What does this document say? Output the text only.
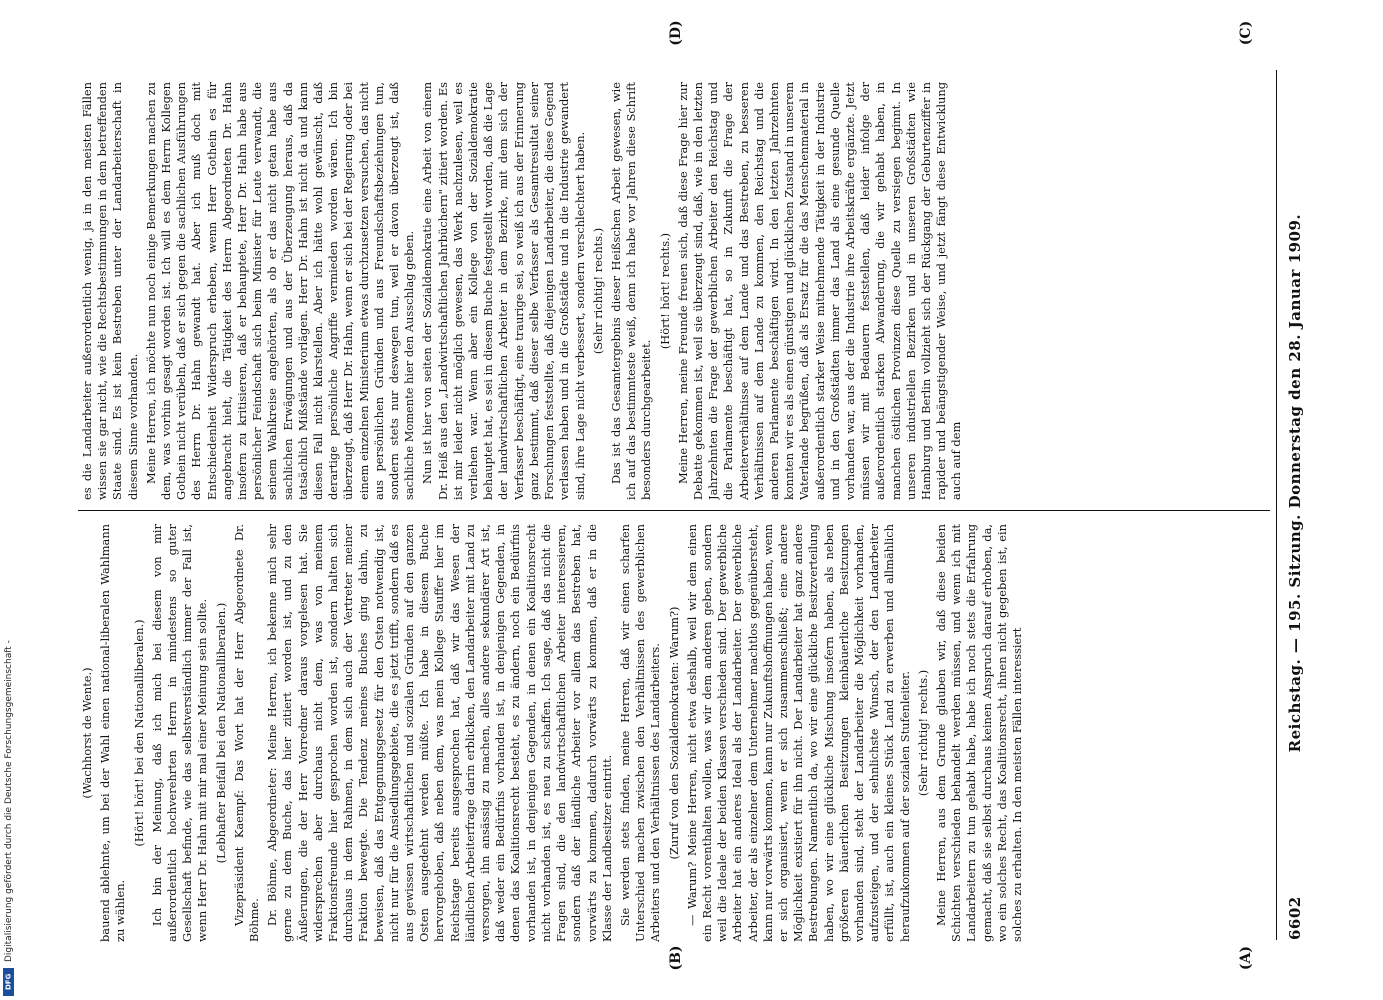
DFG
Digitalisierung gefördert durch die Deutsche Forschungsgemeinschaft -	6602
Reichstag. — 195. Sitzung. Donnerstag den 28. Januar 1909.
(A)
(B)
(C)
(D)

(Wachhorst de Wente.) bauend ablehnte, um bei der Wahl einen national-liberalen Wahlmann zu wählen.

(Hört! hört! bei den Nationalliberalen.) Ich bin der Meinung, daß ich mich bei diesem von mir außerordentlich hochverehrten Herrn in mindestens so guter Gesellschaft befinde, wie das selbstverständlich immer der Fall ist, wenn Herr Dr. Hahn mit mir mal einer Meinung sein sollte. (Lebhafter Beifall bei den Nationalliberalen.) Vizepräsident Kaempf: Das Wort hat der Herr Abgeordnete Dr. Böhme. Dr. Böhme, Abgeordneter: Meine Herren, ich bekenne mich sehr gerne zu dem Buche, das hier zitiert worden ist, und zu den Äußerungen, die der Herr Vorredner daraus vorgelesen hat. Sie widersprechen aber durchaus nicht dem, was von meinem Fraktionsfreunde hier gesprochen worden ist, sondern halten sich durchaus in dem Rahmen, in dem sich auch der Vertreter meiner Fraktion bewegte. Die Tendenz meines Buches ging dahin, zu beweisen, daß das Entgegnungsgesetz für den Osten notwendig ist, nicht nur für die Ansiedlungsgebiete, die es jetzt trifft, sondern daß es aus gewissen wirtschaftlichen und sozialen Gründen auf den ganzen Osten ausgedehnt werden müßte. Ich habe in diesem Buche hervorgehoben, daß neben dem, was mein Kollege Stauffer hier im Reichstage bereits ausgesprochen hat, daß wir das Wesen der ländlichen Arbeiterfrage darin erblicken, den Landarbeiter mit Land zu versorgen, ihn ansässig zu machen, alles andere sekundärer Art ist, daß weder ein Bedürfnis vorhanden ist, in denjenigen Gegenden, in denen das Koalitionsrecht besteht, es zu ändern, noch ein Bedürfnis vorhanden ist, in denjenigen Gegenden, in denen ein Koalitionsrecht nicht vorhanden ist, es neu zu schaffen. Ich sage, daß das nicht die Fragen sind, die den landwirtschaftlichen Arbeiter interessieren, sondern daß der ländliche Arbeiter vor allem das Bestreben hat, vorwärts zu kommen, dadurch vorwärts zu kommen, daß er in die Klasse der Landbesitzer eintritt. Sie werden stets finden, meine Herren, daß wir einen scharfen Unterschied machen zwischen den Verhältnissen des gewerblichen Arbeiters und den Verhältnissen des Landarbeiters. (Zuruf von den Sozialdemokraten: Warum?) — Warum? Meine Herren, nicht etwa deshalb, weil wir dem einen ein Recht vorenthalten wollen, was wir dem anderen geben, sondern weil die Ideale der beiden Klassen verschieden sind. Der gewerbliche Arbeiter hat ein anderes Ideal als der Landarbeiter. Der gewerbliche Arbeiter, der als einzelner dem Unternehmer machtlos gegenübersteht, kann nur vorwärts kommen, kann nur Zukunftshoffnungen haben, wenn er sich organisiert, wenn er sich zusammenschließt; eine andere Möglichkeit existiert für ihn nicht. Der Landarbeiter hat ganz andere Bestrebungen. Namentlich da, wo wir eine glückliche Besitzverteilung haben, wo wir eine glückliche Mischung insofern haben, als neben größeren bäuerlichen Besitzungen kleinbäuerliche Besitzungen vorhanden sind, steht der Landarbeiter die Möglichkeit vorhanden, aufzusteigen, und der sehnlichste Wunsch, der den Landarbeiter erfüllt, ist, auch ein kleines Stück Land zu erwerben und allmählich heraufzukommen auf der sozialen Stufenleiter. (Sehr richtig! rechts.) Meine Herren, aus dem Grunde glauben wir, daß diese beiden Schichten verschieden behandelt werden müssen, und wenn ich mit Landarbeitern zu tun gehabt habe, habe ich noch stets die Erfahrung gemacht, daß sie selbst durchaus keinen Anspruch darauf erhoben, da, wo ein solches Recht, das Koalitionsrecht, ihnen nicht gegeben ist, ein solches zu erhalten. In den meisten Fällen interessiert

es die Landarbeiter außerordentlich wenig, ja in den meisten Fällen wissen sie gar nicht, wie die Rechtsbestimmungen in dem betreffenden Staate sind. Es ist kein Bestreben unter der Landarbeiterschaft in diesem Sinne vorhanden. Meine Herren, ich möchte nun noch einige Bemerkungen machen zu dem, was vorhin gesagt worden ist. Ich will es dem Herrn Kollegen Gothein nicht verübeln, daß er sich gegen die sachlichen Ausführungen des Herrn Dr. Hahn gewandt hat. Aber ich muß doch mit Entschiedenheit Widerspruch erheben, wenn Herr Gothein es für angebracht hielt, die Tätigkeit des Herrn Abgeordneten Dr. Hahn insofern zu kritisieren, daß er behauptete, Herr Dr. Hahn habe aus persönlicher Feindschaft sich beim Minister für Leute verwandt, die seinem Wahlkreise angehörten, als ob er das nicht getan habe aus sachlichen Erwägungen und aus der Überzeugung heraus, daß da tatsächlich Mißstände vorlägen. Herr Dr. Hahn ist nicht da und kann diesen Fall nicht klarstellen. Aber ich hätte wohl gewünscht, daß derartige persönliche Angriffe vermieden worden wären. Ich bin überzeugt, daß Herr Dr. Hahn, wenn er sich bei der Regierung oder bei einem einzelnen Ministerium etwas durchzusetzen versuchen, das nicht aus persönlichen Gründen und aus Freundschaftsbeziehungen tun, sondern stets nur deswegen tun, weil er davon überzeugt ist, daß sachliche Momente hier den Ausschlag geben. Nun ist hier von seiten der Sozialdemokratie eine Arbeit von einem Dr. Heiß aus den „Landwirtschaftlichen Jahrbüchern" zitiert worden. Es ist mir leider nicht möglich gewesen, das Werk nachzulesen, weil es verliehen war. Wenn aber ein Kollege von der Sozialdemokratie behauptet hat, es sei in diesem Buche festgestellt worden, daß die Lage der landwirtschaftlichen Arbeiter in dem Bezirke, mit dem sich der Verfasser beschäftigt, eine traurige sei, so weiß ich aus der Erinnerung ganz bestimmt, daß dieser selbe Verfasser als Gesamtresultat seiner Forschungen feststellte, daß diejenigen Landarbeiter, die diese Gegend verlassen haben und in die Großstädte und in die Industrie gewandert sind, ihre Lage nicht verbessert, sondern verschlechtert haben. (Sehr richtig! rechts.) Das ist das Gesamtergebnis dieser Heißschen Arbeit gewesen, wie ich auf das bestimmteste weiß, denn ich habe vor Jahren diese Schrift besonders durchgearbeitet.

(Hört! hört! rechts.) Meine Herren, meine Freunde freuen sich, daß diese Frage hier zur Debatte gekommen ist, weil sie überzeugt sind, daß, wie in den letzten Jahrzehnten die Frage der gewerblichen Arbeiter den Reichstag und die Parlamente beschäftigt hat, so in Zukunft die Frage der Arbeiterverhältnisse auf dem Lande und das Bestreben, zu besseren Verhältnissen auf dem Lande zu kommen, den Reichstag und die anderen Parlamente beschäftigen wird. In den letzten Jahrzehnten konnten wir es als einen günstigen und glücklichen Zustand in unserem Vaterlande begrüßen, daß als Ersatz für die das Menschenmaterial in außerordentlich starker Weise mitnehmende Tätigkeit in der Industrie und in den Großstädten immer das Land als eine gesunde Quelle vorhanden war, aus der die Industrie ihre Arbeitskräfte ergänzte. Jetzt müssen wir mit Bedauern feststellen, daß leider infolge der außerordentlich starken Abwanderung, die wir gehabt haben, in manchen östlichen Provinzen diese Quelle zu versiegen beginnt. In unseren industriellen Bezirken und in unseren Großstädten wie Hamburg und Berlin vollzieht sich der Rückgang der Geburtenziffer in rapider und beängstigender Weise, und jetzt fängt diese Entwicklung auch auf dem
